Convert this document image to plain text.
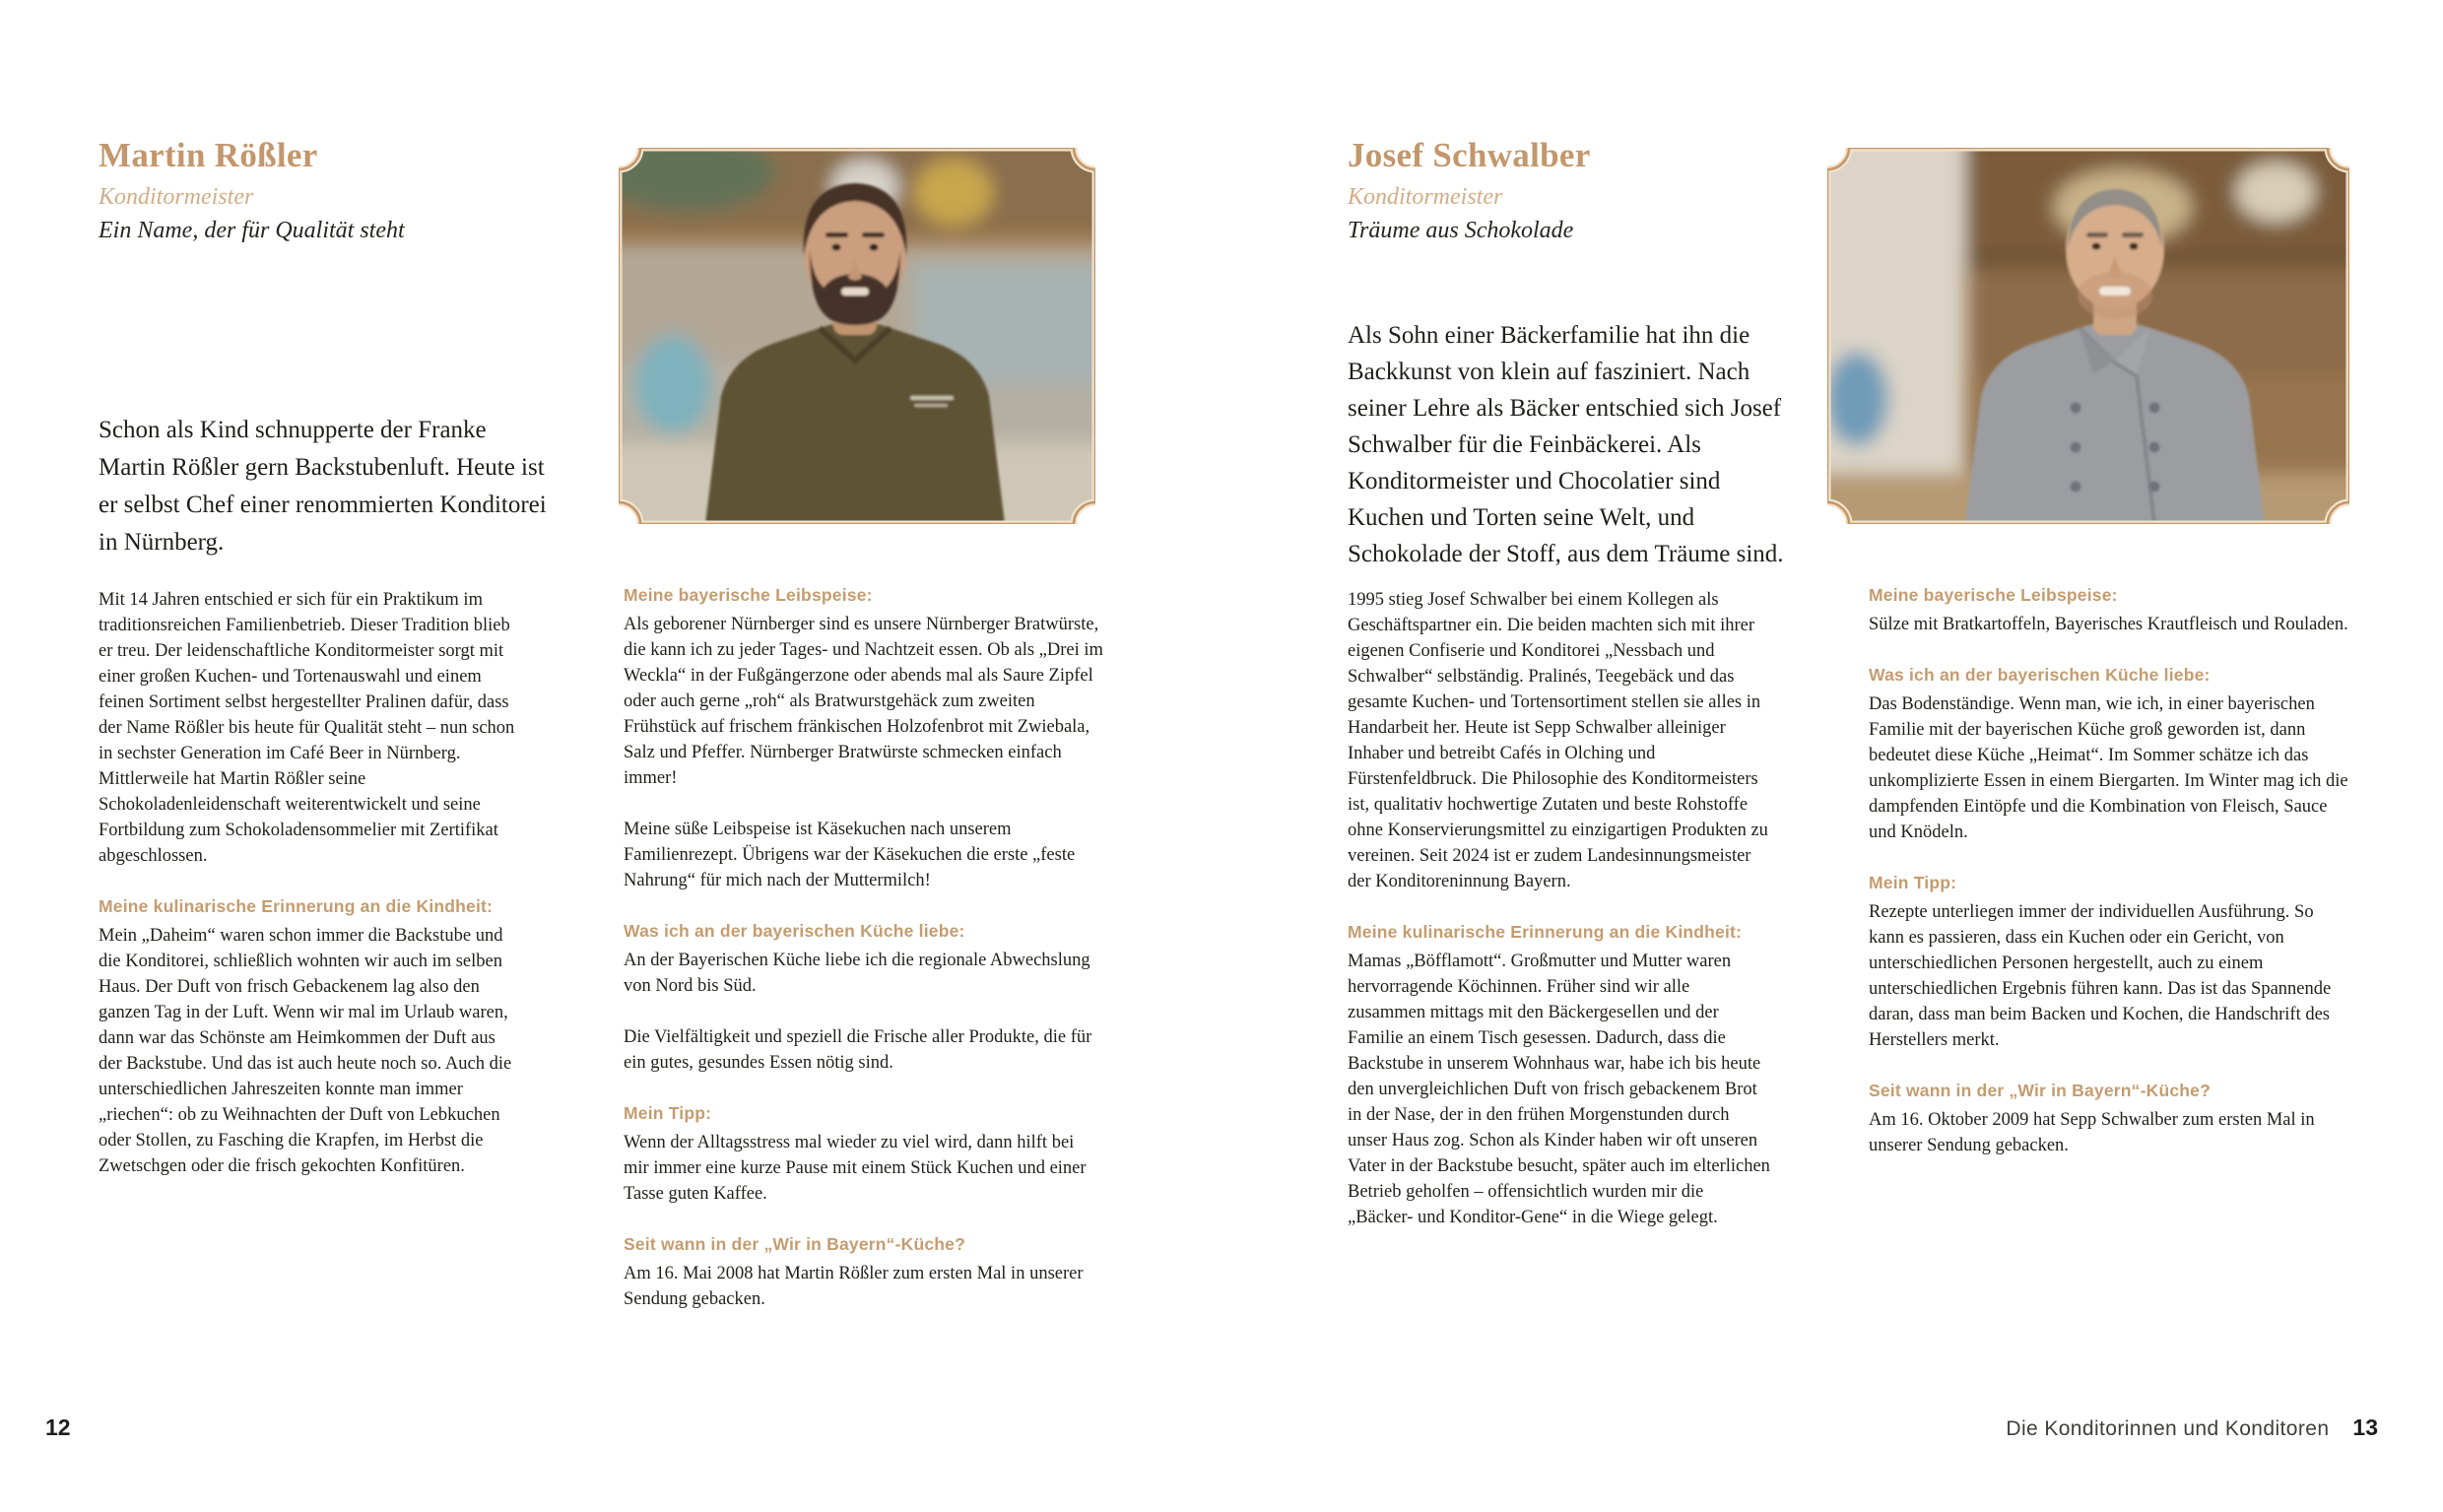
Martin Rößler
Konditormeister
Ein Name, der für Qualität steht

Schon als Kind schnupperte der Franke Martin Rößler gern Backstubenluft. Heute ist er selbst Chef einer renommierten Konditorei in Nürnberg.

Mit 14 Jahren entschied er sich für ein Praktikum im traditionsreichen Familienbetrieb. Dieser Tradition blieb er treu. Der leidenschaftliche Konditormeister sorgt mit einer großen Kuchen- und Tortenauswahl und einem feinen Sortiment selbst hergestellter Pralinen dafür, dass der Name Rößler bis heute für Qualität steht – nun schon in sechster Generation im Café Beer in Nürnberg. Mittlerweile hat Martin Rößler seine Schokoladenleidenschaft weiterentwickelt und seine Fortbildung zum Schokoladensommelier mit Zertifikat abgeschlossen.

Meine kulinarische Erinnerung an die Kindheit:

Mein „Daheim“ waren schon immer die Backstube und die Konditorei, schließlich wohnten wir auch im selben Haus. Der Duft von frisch Gebackenem lag also den ganzen Tag in der Luft. Wenn wir mal im Urlaub waren, dann war das Schönste am Heimkommen der Duft aus der Backstube. Und das ist auch heute noch so. Auch die unterschiedlichen Jahreszeiten konnte man immer „riechen“: ob zu Weihnachten der Duft von Lebkuchen oder Stollen, zu Fasching die Krapfen, im Herbst die Zwetschgen oder die frisch gekochten Konfitüren.

Meine bayerische Leibspeise:

Als geborener Nürnberger sind es unsere Nürnberger Bratwürste, die kann ich zu jeder Tages- und Nachtzeit essen. Ob als „Drei im Weckla“ in der Fußgängerzone oder abends mal als Saure Zipfel oder auch gerne „roh“ als Bratwurstgehäck zum zweiten Frühstück auf frischem fränkischen Holzofenbrot mit Zwiebala, Salz und Pfeffer. Nürnberger Bratwürste schmecken einfach immer!

Meine süße Leibspeise ist Käsekuchen nach unserem Familienrezept. Übrigens war der Käsekuchen die erste „feste Nahrung“ für mich nach der Muttermilch!

Was ich an der bayerischen Küche liebe:

An der Bayerischen Küche liebe ich die regionale Abwechslung von Nord bis Süd.

Die Vielfältigkeit und speziell die Frische aller Produkte, die für ein gutes, gesundes Essen nötig sind.

Mein Tipp:

Wenn der Alltagsstress mal wieder zu viel wird, dann hilft bei mir immer eine kurze Pause mit einem Stück Kuchen und einer Tasse guten Kaffee.

Seit wann in der „Wir in Bayern“-Küche?

Am 16. Mai 2008 hat Martin Rößler zum ersten Mal in unserer Sendung gebacken.

Josef Schwalber
Konditormeister
Träume aus Schokolade

Als Sohn einer Bäckerfamilie hat ihn die Backkunst von klein auf fasziniert. Nach seiner Lehre als Bäcker entschied sich Josef Schwalber für die Feinbäckerei. Als Konditormeister und Chocolatier sind Kuchen und Torten seine Welt, und Schokolade der Stoff, aus dem Träume sind.

1995 stieg Josef Schwalber bei einem Kollegen als Geschäftspartner ein. Die beiden machten sich mit ihrer eigenen Confiserie und Konditorei „Nessbach und Schwalber“ selbständig. Pralinés, Teegebäck und das gesamte Kuchen- und Tortensortiment stellen sie alles in Handarbeit her. Heute ist Sepp Schwalber alleiniger Inhaber und betreibt Cafés in Olching und Fürstenfeldbruck. Die Philosophie des Konditormeisters ist, qualitativ hochwertige Zutaten und beste Rohstoffe ohne Konservierungsmittel zu einzigartigen Produkten zu vereinen. Seit 2024 ist er zudem Landesinnungsmeister der Konditoreninnung Bayern.

Meine kulinarische Erinnerung an die Kindheit:

Mamas „Böfflamott“. Großmutter und Mutter waren hervorragende Köchinnen. Früher sind wir alle zusammen mittags mit den Bäckergesellen und der Familie an einem Tisch gesessen. Dadurch, dass die Backstube in unserem Wohnhaus war, habe ich bis heute den unvergleichlichen Duft von frisch gebackenem Brot in der Nase, der in den frühen Morgenstunden durch unser Haus zog. Schon als Kinder haben wir oft unseren Vater in der Backstube besucht, später auch im elterlichen Betrieb geholfen – offensichtlich wurden mir die „Bäcker- und Konditor-Gene“ in die Wiege gelegt.

Meine bayerische Leibspeise:

Sülze mit Bratkartoffeln, Bayerisches Krautfleisch und Rouladen.

Was ich an der bayerischen Küche liebe:

Das Bodenständige. Wenn man, wie ich, in einer bayerischen Familie mit der bayerischen Küche groß geworden ist, dann bedeutet diese Küche „Heimat“. Im Sommer schätze ich das unkomplizierte Essen in einem Biergarten. Im Winter mag ich die dampfenden Eintöpfe und die Kombination von Fleisch, Sauce und Knödeln.

Mein Tipp:

Rezepte unterliegen immer der individuellen Ausführung. So kann es passieren, dass ein Kuchen oder ein Gericht, von unterschiedlichen Personen hergestellt, auch zu einem unterschiedlichen Ergebnis führen kann. Das ist das Spannende daran, dass man beim Backen und Kochen, die Handschrift des Herstellers merkt.

Seit wann in der „Wir in Bayern“-Küche?

Am 16. Oktober 2009 hat Sepp Schwalber zum ersten Mal in unserer Sendung gebacken.

12	Die Konditorinnen und Konditoren 13
